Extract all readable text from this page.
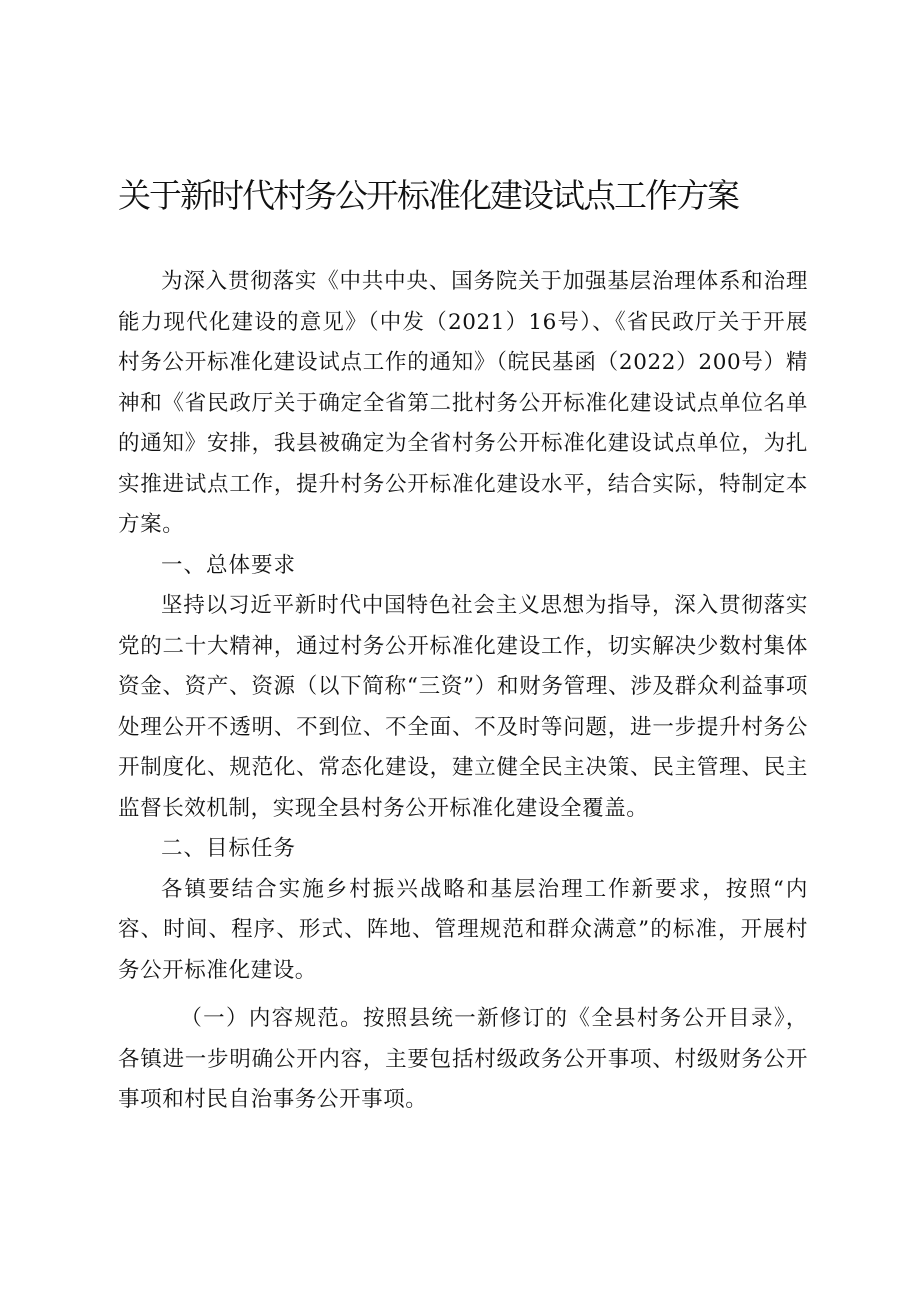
关于新时代村务公开标准化建设试点工作方案

为深入贯彻落实《中共中央、国务院关于加强基层治理体系和治理能力现代化建设的意见》（中发（2021）16号）、《省民政厅关于开展村务公开标准化建设试点工作的通知》（皖民基函（2022）200号）精神和《省民政厅关于确定全省第二批村务公开标准化建设试点单位名单的通知》安排，我县被确定为全省村务公开标准化建设试点单位，为扎实推进试点工作，提升村务公开标准化建设水平，结合实际，特制定本方案。

一、总体要求

坚持以习近平新时代中国特色社会主义思想为指导，深入贯彻落实党的二十大精神，通过村务公开标准化建设工作，切实解决少数村集体资金、资产、资源（以下简称“三资”）和财务管理、涉及群众利益事项处理公开不透明、不到位、不全面、不及时等问题，进一步提升村务公开制度化、规范化、常态化建设，建立健全民主决策、民主管理、民主监督长效机制，实现全县村务公开标准化建设全覆盖。

二、目标任务

各镇要结合实施乡村振兴战略和基层治理工作新要求，按照“内容、时间、程序、形式、阵地、管理规范和群众满意”的标准，开展村务公开标准化建设。

（一）内容规范。按照县统一新修订的《全县村务公开目录》，各镇进一步明确公开内容，主要包括村级政务公开事项、村级财务公开事项和村民自治事务公开事项。
